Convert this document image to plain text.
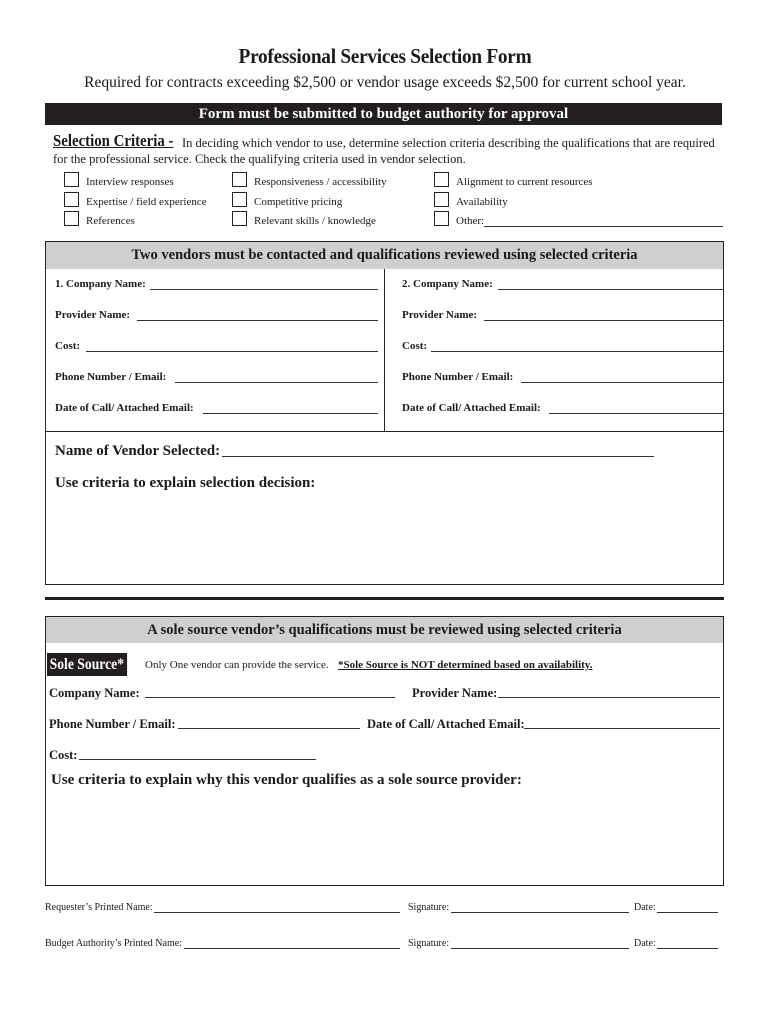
Professional Services Selection Form
Required for contracts exceeding $2,500 or vendor usage exceeds $2,500 for current school year.
Form must be submitted to budget authority for approval
Selection Criteria - In deciding which vendor to use, determine selection criteria describing the qualifications that are required
for the professional service. Check the qualifying criteria used in vendor selection.
Interview responses
Expertise / field experience
References
Responsiveness / accessibility
Competitive pricing
Relevant skills / knowledge
Alignment to current resources
Availability
Other:
Two vendors must be contacted and qualifications reviewed using selected criteria
1. Company Name:
Provider Name:
Cost:
Phone Number / Email:
Date of Call/ Attached Email:
2. Company Name:
Provider Name:
Cost:
Phone Number / Email:
Date of Call/ Attached Email:
Name of Vendor Selected:
Use criteria to explain selection decision:
A sole source vendor’s qualifications must be reviewed using selected criteria
Sole Source* Only One vendor can provide the service. *Sole Source is NOT determined based on availability.
Company Name:	Provider Name:
Phone Number / Email:	Date of Call/ Attached Email:
Cost:
Use criteria to explain why this vendor qualifies as a sole source provider:
Requester’s Printed Name:	Signature:	Date:
Budget Authority’s Printed Name:	Signature:	Date:
